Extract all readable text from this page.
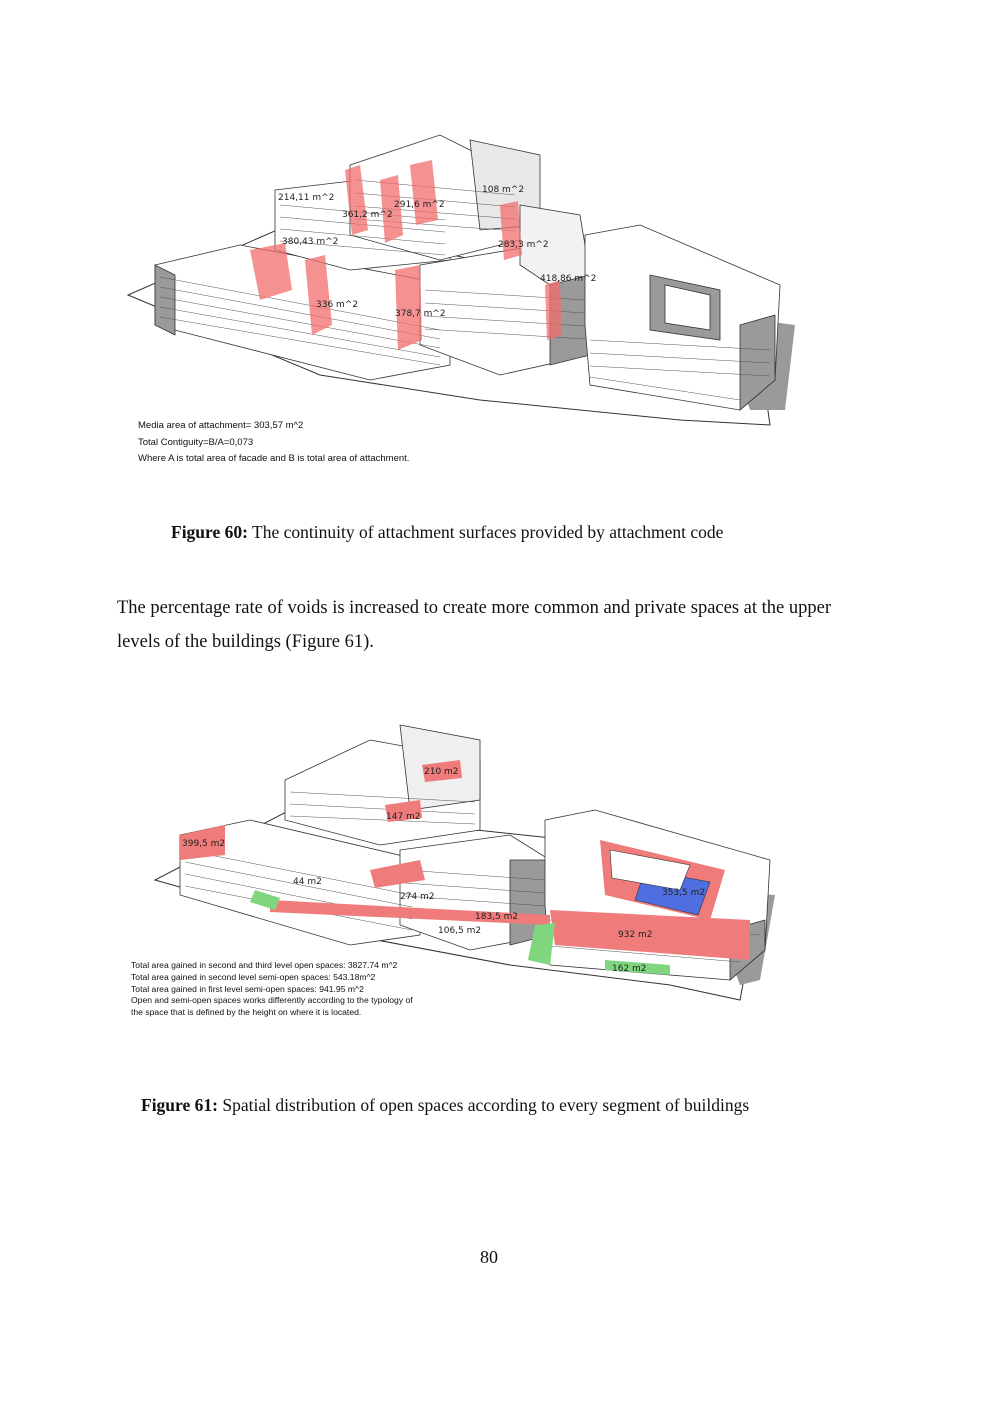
214,11 m^2
291,6 m^2
361,2 m^2
108 m^2
380,43 m^2	283,3 m^2
418,86 m^2
336 m^2
378,7 m^2
Media area of attachment= 303,57 m^2
Total Contiguity=B/A=0,073
Where A is total area of facade and B is total area of attachment.
Figure 60: The continuity of attachment surfaces provided by attachment code
The percentage rate of voids is increased to create more common and private spaces at the upper levels of the buildings (Figure 61).
210 m2
147 m2
399,5 m2
44 m2
274 m2	353,5 m2
183,5 m2
106,5 m2	932 m2
162 m2
Total area gained in second and third level open spaces: 3827.74 m^2
Total area gained in second level semi-open spaces: 543.18m^2
Total area gained in first level semi-open spaces: 941.95 m^2
Open and semi-open spaces works differently according to the typology of
the space that is defined by the height on where it is located.
Figure 61: Spatial distribution of open spaces according to every segment of buildings
80
